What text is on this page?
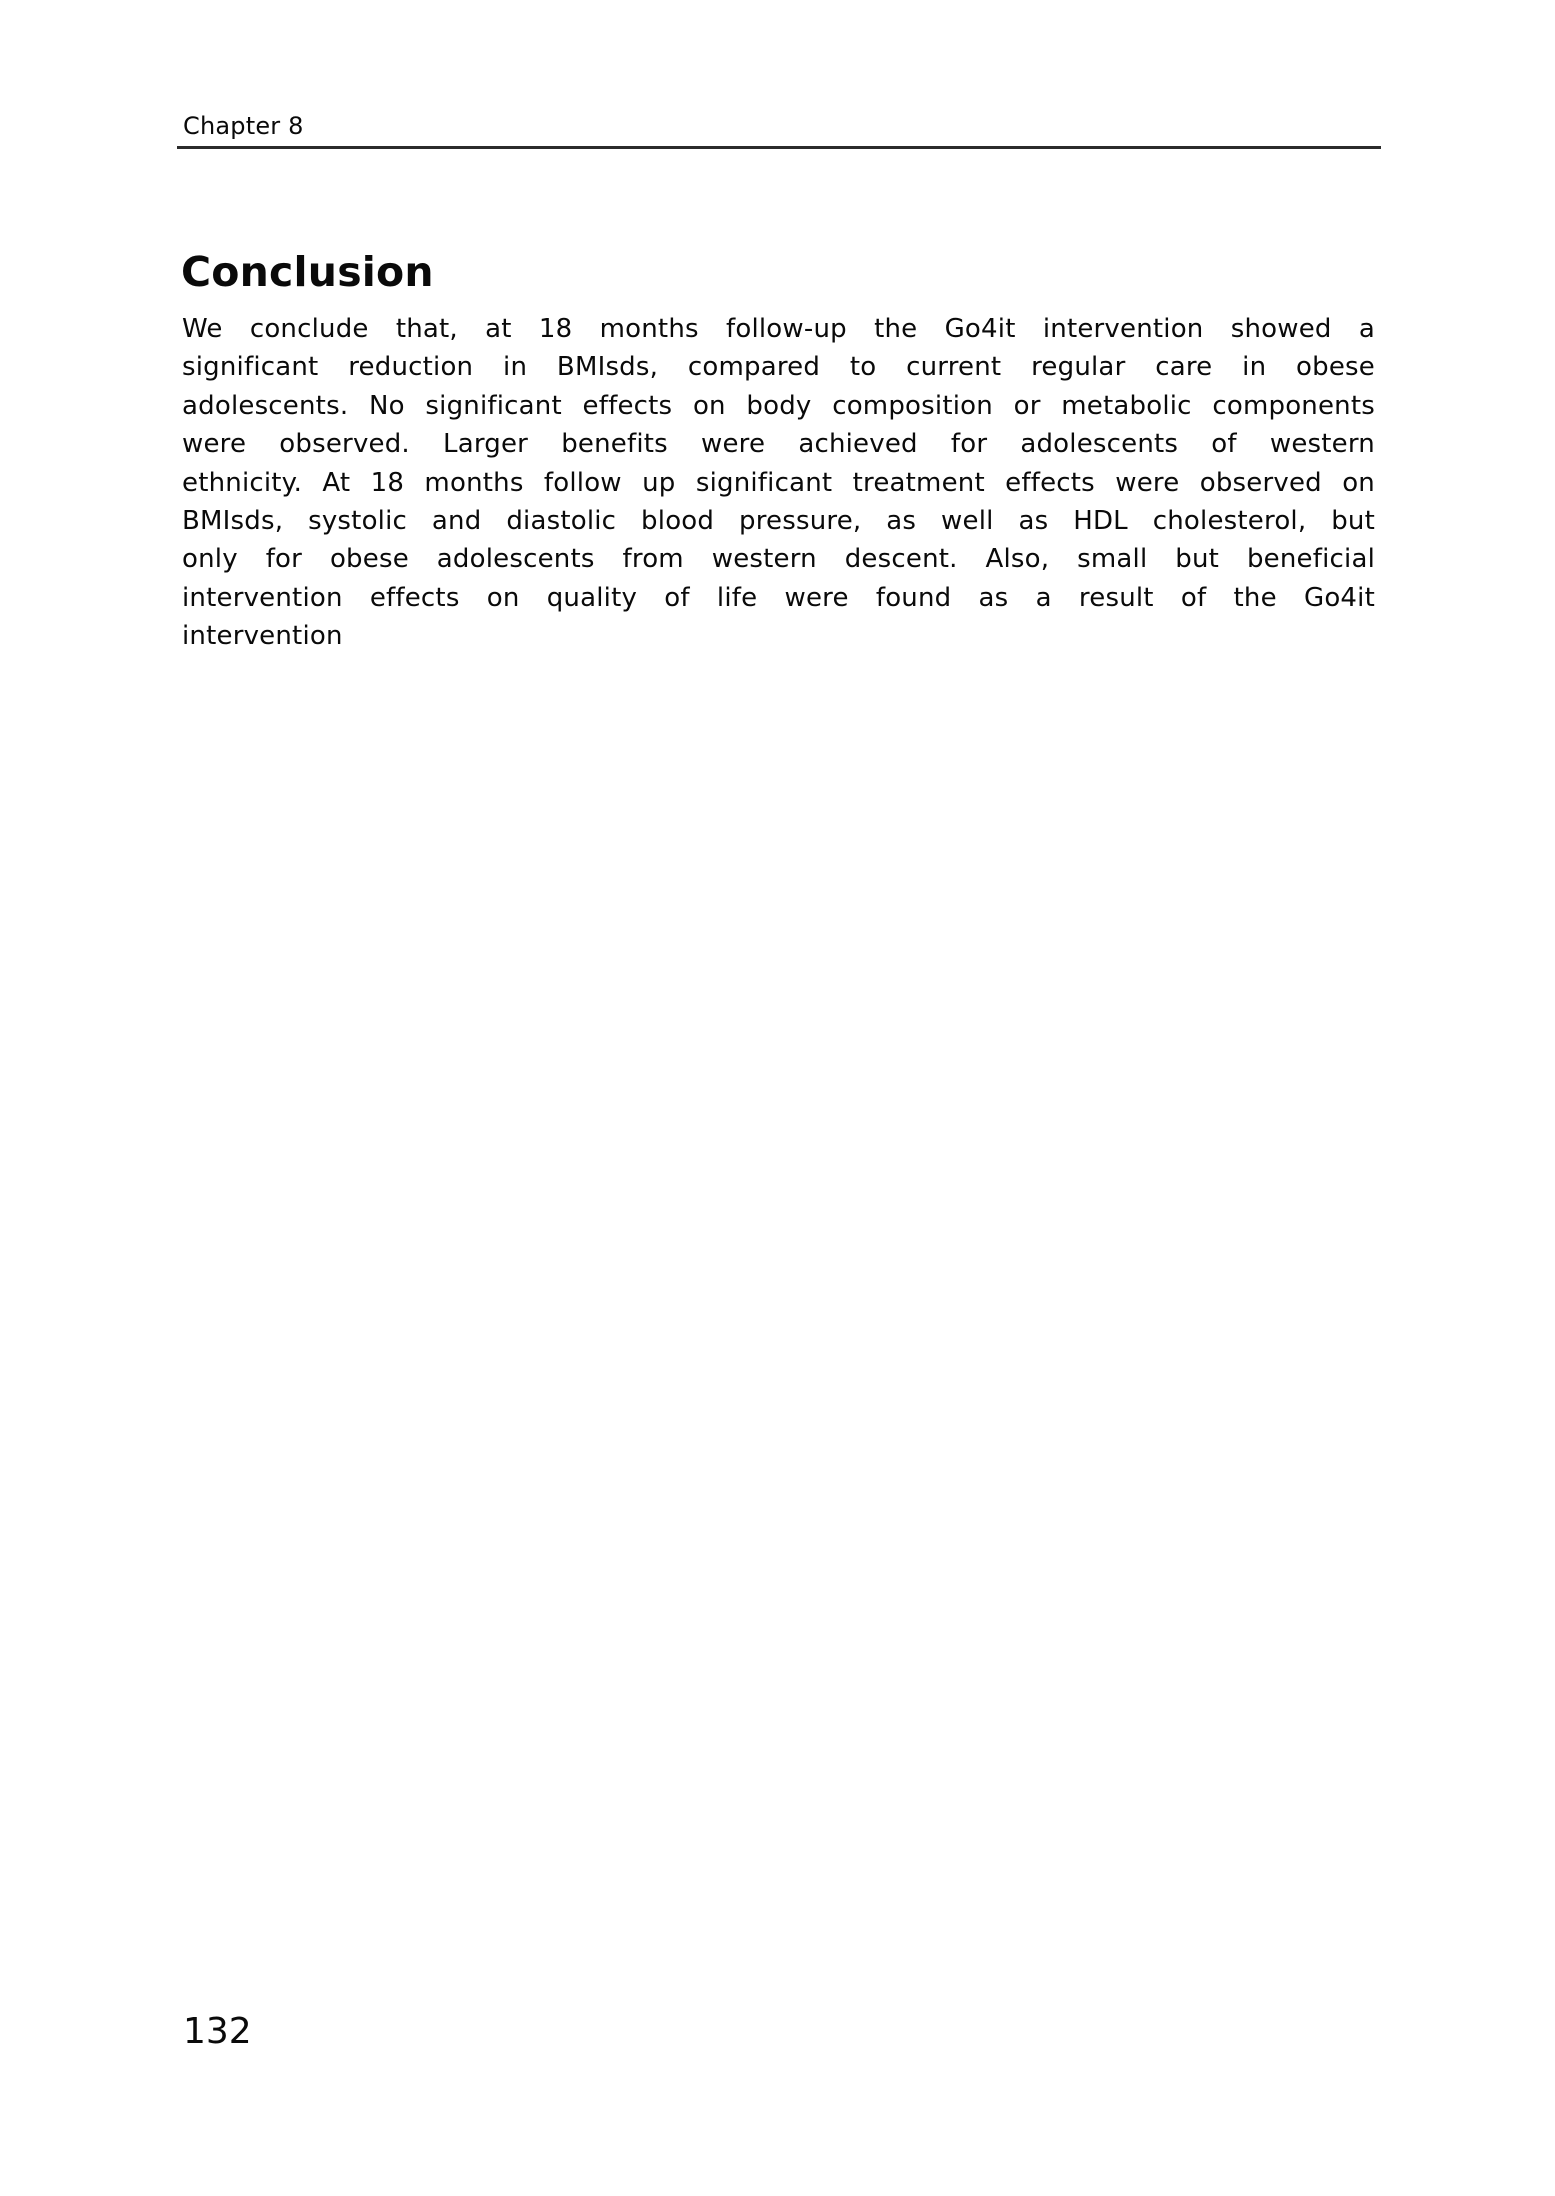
Chapter 8
Conclusion

We conclude that, at 18 months follow-up the Go4it intervention showed a significant reduction in BMIsds, compared to current regular care in obese adolescents. No significant effects on body composition or metabolic components were observed. Larger benefits were achieved for adolescents of western ethnicity. At 18 months follow up significant treatment effects were observed on BMIsds, systolic and diastolic blood pressure, as well as HDL cholesterol, but only for obese adolescents from western descent. Also, small but beneficial intervention effects on quality of life were found as a result of the Go4it intervention

132
